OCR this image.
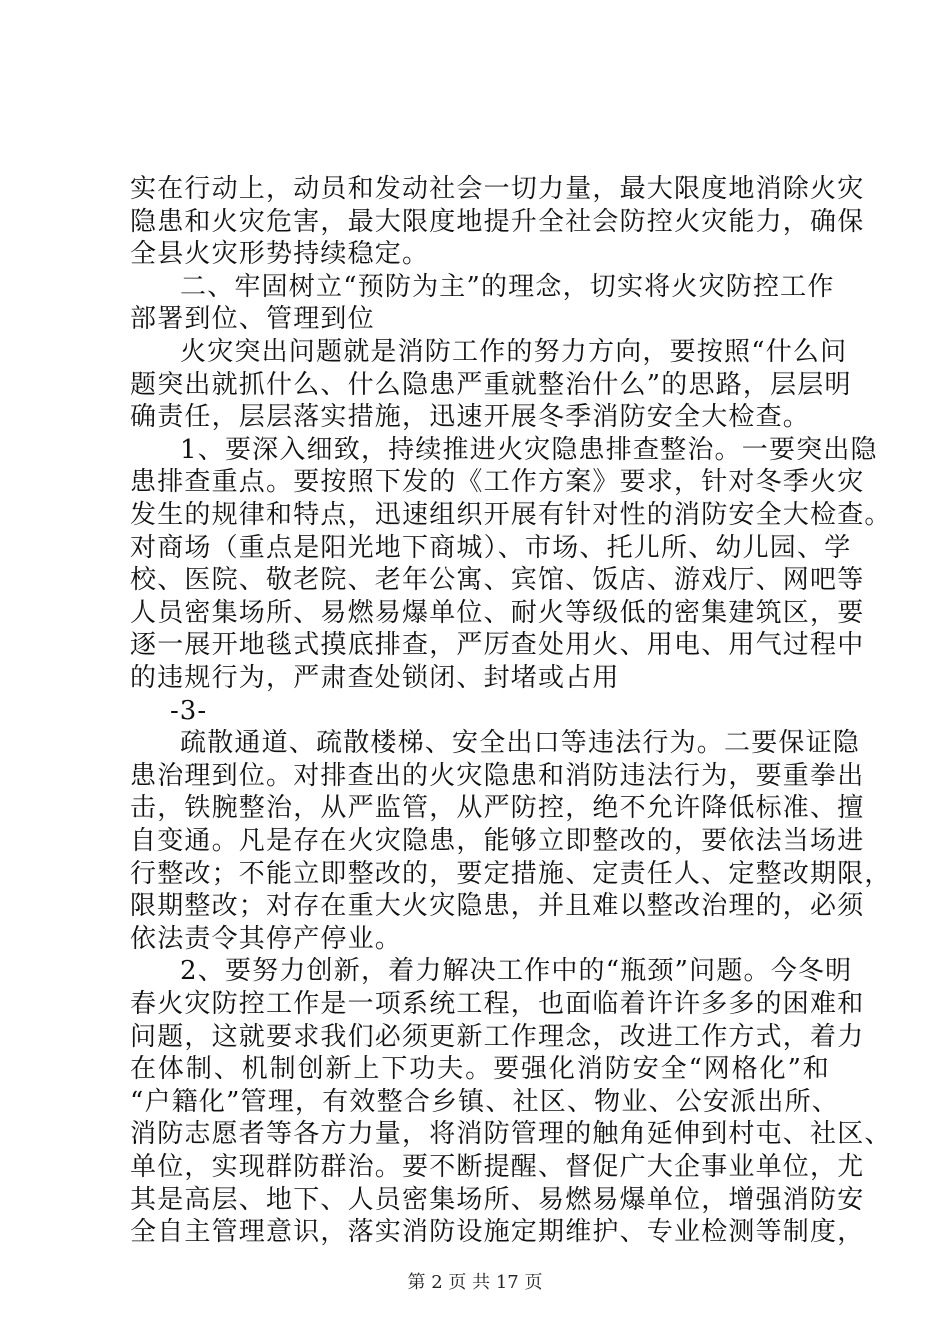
实在行动上，动员和发动社会一切力量，最大限度地消除火灾
隐患和火灾危害，最大限度地提升全社会防控火灾能力，确保
全县火灾形势持续稳定。
二、牢固树立“预防为主”的理念，切实将火灾防控工作
部署到位、管理到位
火灾突出问题就是消防工作的努力方向，要按照“什么问
题突出就抓什么、什么隐患严重就整治什么”的思路，层层明
确责任，层层落实措施，迅速开展冬季消防安全大检查。
1、要深入细致，持续推进火灾隐患排查整治。一要突出隐
患排查重点。要按照下发的《工作方案》要求，针对冬季火灾
发生的规律和特点，迅速组织开展有针对性的消防安全大检查。
对商场（重点是阳光地下商城）、市场、托儿所、幼儿园、学
校、医院、敬老院、老年公寓、宾馆、饭店、游戏厅、网吧等
人员密集场所、易燃易爆单位、耐火等级低的密集建筑区，要
逐一展开地毯式摸底排查，严厉查处用火、用电、用气过程中
的违规行为，严肃查处锁闭、封堵或占用
-3-
疏散通道、疏散楼梯、安全出口等违法行为。二要保证隐
患治理到位。对排查出的火灾隐患和消防违法行为，要重拳出
击，铁腕整治，从严监管，从严防控，绝不允许降低标准、擅
自变通。凡是存在火灾隐患，能够立即整改的，要依法当场进
行整改；不能立即整改的，要定措施、定责任人、定整改期限，
限期整改；对存在重大火灾隐患，并且难以整改治理的，必须
依法责令其停产停业。
2、要努力创新，着力解决工作中的“瓶颈”问题。今冬明
春火灾防控工作是一项系统工程，也面临着许许多多的困难和
问题，这就要求我们必须更新工作理念，改进工作方式，着力
在体制、机制创新上下功夫。要强化消防安全“网格化”和
“户籍化”管理，有效整合乡镇、社区、物业、公安派出所、
消防志愿者等各方力量，将消防管理的触角延伸到村屯、社区、
单位，实现群防群治。要不断提醒、督促广大企事业单位，尤
其是高层、地下、人员密集场所、易燃易爆单位，增强消防安
全自主管理意识，落实消防设施定期维护、专业检测等制度，
第 2 页 共 17 页
